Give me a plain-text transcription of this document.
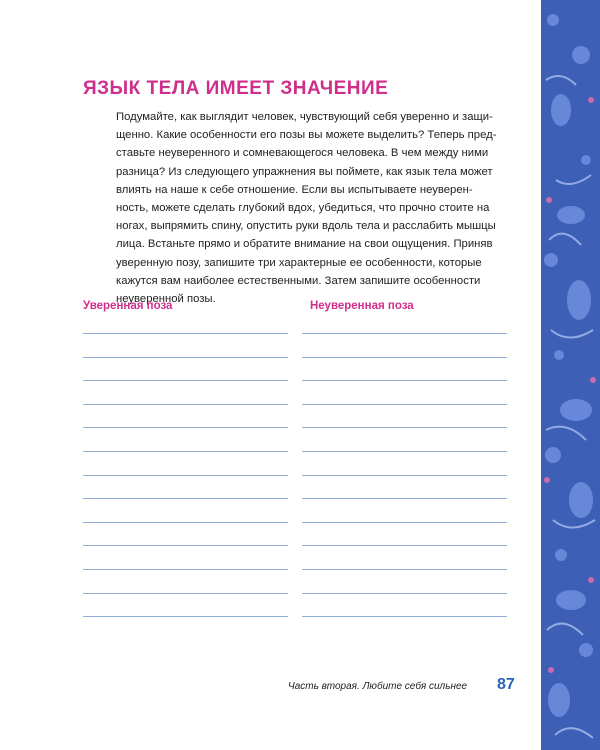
ЯЗЫК ТЕЛА ИМЕЕТ ЗНАЧЕНИЕ
Подумайте, как выглядит человек, чувствующий себя уверенно и защи-
щенно. Какие особенности его позы вы можете выделить? Теперь пред-
ставьте неуверенного и сомневающегося человека. В чем между ними
разница? Из следующего упражнения вы поймете, как язык тела может
влиять на наше к себе отношение. Если вы испытываете неуверен-
ность, можете сделать глубокий вдох, убедиться, что прочно стоите на
ногах, выпрямить спину, опустить руки вдоль тела и расслабить мышцы
лица. Встаньте прямо и обратите внимание на свои ощущения. Приняв
уверенную позу, запишите три характерные ее особенности, которые
кажутся вам наиболее естественными. Затем запишите особенности
неуверенной позы.
Уверенная поза	Неуверенная поза
Часть вторая. Любите себя сильнее 87
